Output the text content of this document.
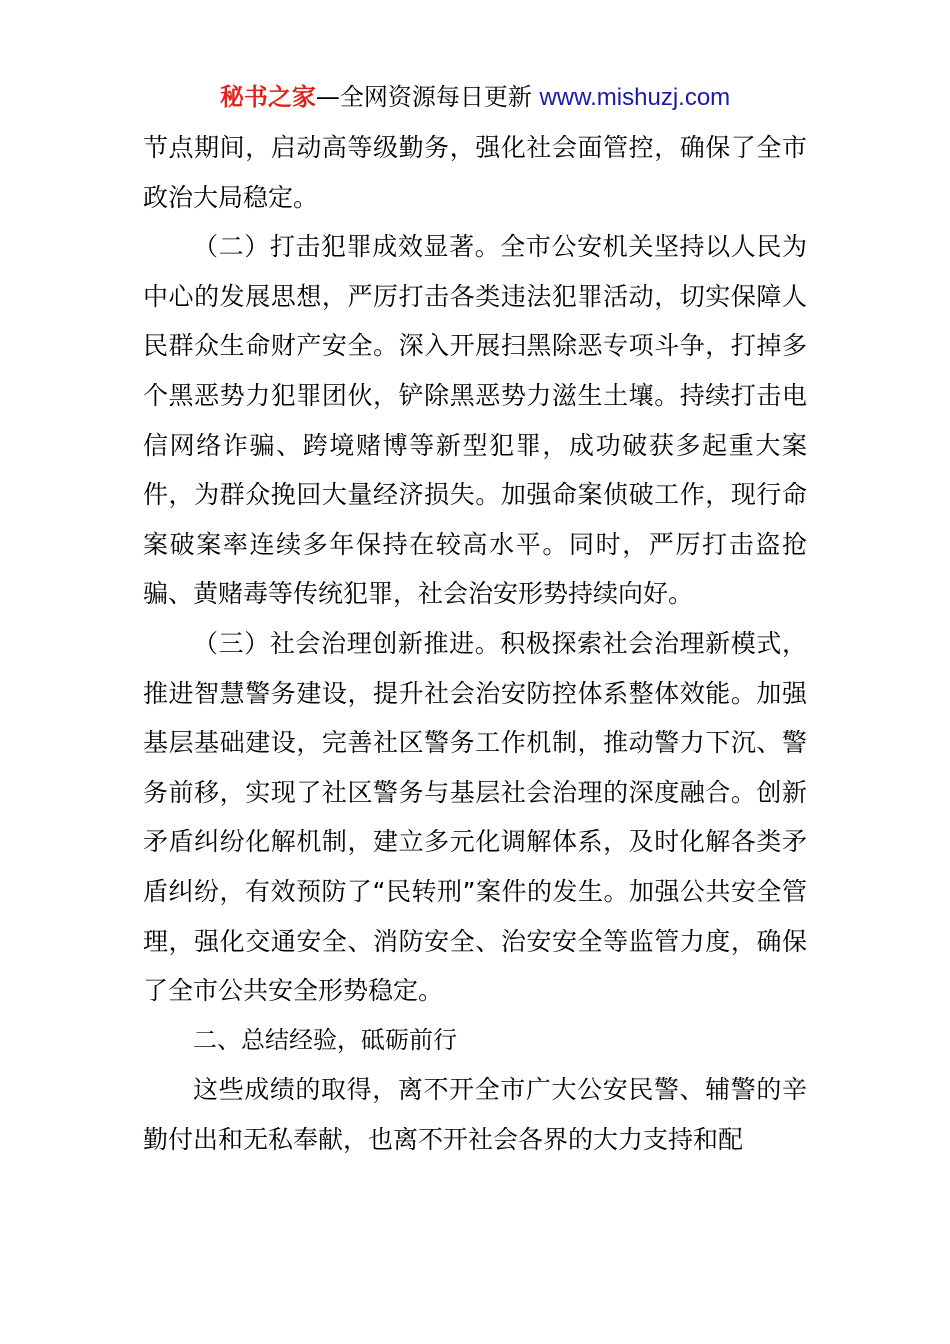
秘书之家—全网资源每日更新 www.mishuzj.com

节点期间，启动高等级勤务，强化社会面管控，确保了全市政治大局稳定。

（二）打击犯罪成效显著。全市公安机关坚持以人民为中心的发展思想，严厉打击各类违法犯罪活动，切实保障人民群众生命财产安全。深入开展扫黑除恶专项斗争，打掉多个黑恶势力犯罪团伙，铲除黑恶势力滋生土壤。持续打击电信网络诈骗、跨境赌博等新型犯罪，成功破获多起重大案件，为群众挽回大量经济损失。加强命案侦破工作，现行命案破案率连续多年保持在较高水平。同时，严厉打击盗抢骗、黄赌毒等传统犯罪，社会治安形势持续向好。

（三）社会治理创新推进。积极探索社会治理新模式，推进智慧警务建设，提升社会治安防控体系整体效能。加强基层基础建设，完善社区警务工作机制，推动警力下沉、警务前移，实现了社区警务与基层社会治理的深度融合。创新矛盾纠纷化解机制，建立多元化调解体系，及时化解各类矛盾纠纷，有效预防了“民转刑”案件的发生。加强公共安全管理，强化交通安全、消防安全、治安安全等监管力度，确保了全市公共安全形势稳定。

二、总结经验，砥砺前行

这些成绩的取得，离不开全市广大公安民警、辅警的辛勤付出和无私奉献，也离不开社会各界的大力支持和配
